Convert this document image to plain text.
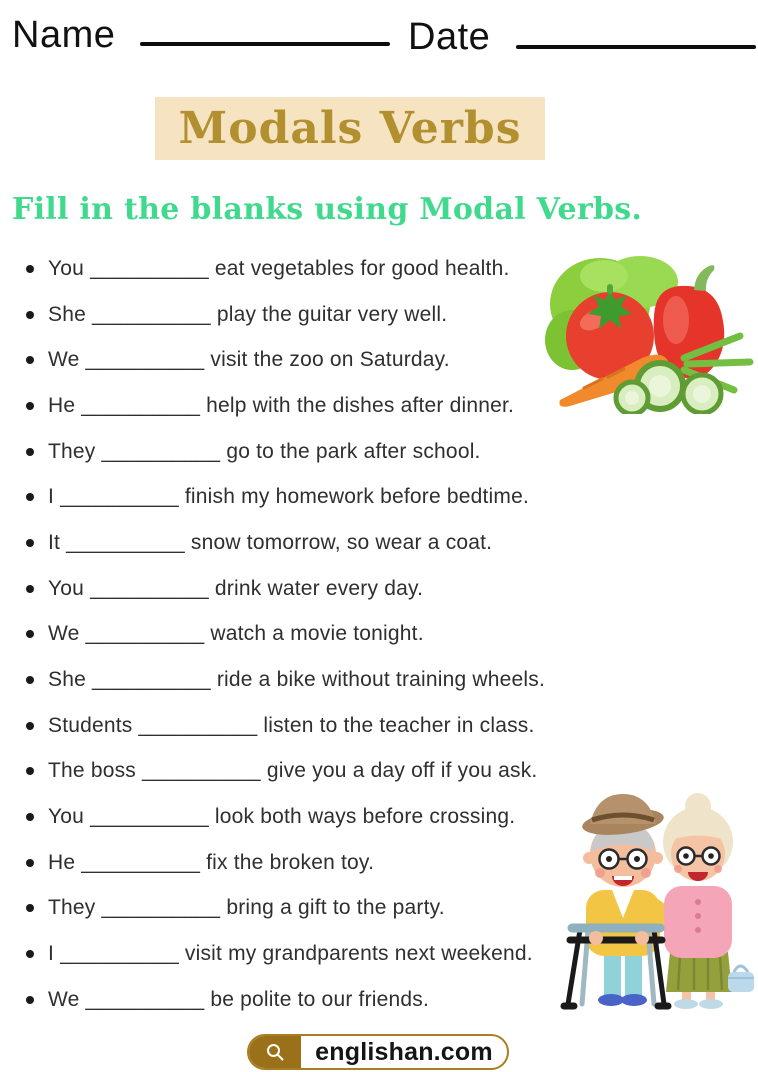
Name	Date
Modals Verbs
Fill in the blanks using Modal Verbs.
You __________ eat vegetables for good health.
She __________ play the guitar very well.
We __________ visit the zoo on Saturday.
He __________ help with the dishes after dinner.
They __________ go to the park after school.
I __________ finish my homework before bedtime.
It __________ snow tomorrow, so wear a coat.
You __________ drink water every day.
We __________ watch a movie tonight.
She __________ ride a bike without training wheels.
Students __________ listen to the teacher in class.
The boss __________ give you a day off if you ask.
You __________ look both ways before crossing.
He __________ fix the broken toy.
They __________ bring a gift to the party.
I __________ visit my grandparents next weekend.
We __________ be polite to our friends.
englishan.com
